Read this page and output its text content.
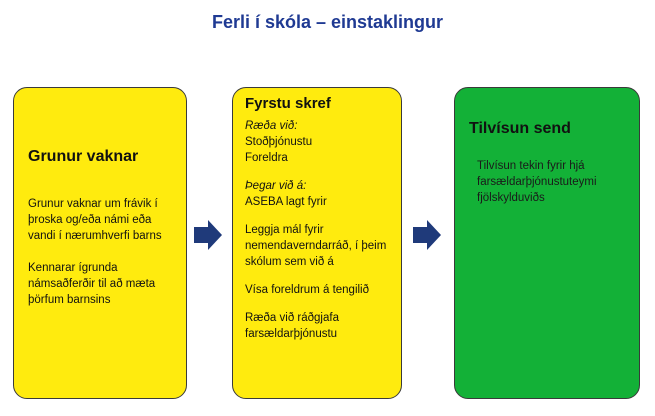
Ferli í skóla – einstaklingur
Grunur vaknar
Grunur vaknar um frávik í þroska og/eða námi eða vandi í nærumhverfi barns
Kennarar ígrunda námsaðferðir til að mæta þörfum barnsins
Fyrstu skref
Ræða við:
Stoðþjónustu
Foreldra
Þegar við á:
ASEBA lagt fyrir
Leggja mál fyrir nemendaverndarráð, í þeim skólum sem við á
Vísa foreldrum á tengilið
Ræða við ráðgjafa farsældarþjónustu
Tilvísun send
Tilvísun tekin fyrir hjá farsældarþjónustuteymi fjölskylduviðs
